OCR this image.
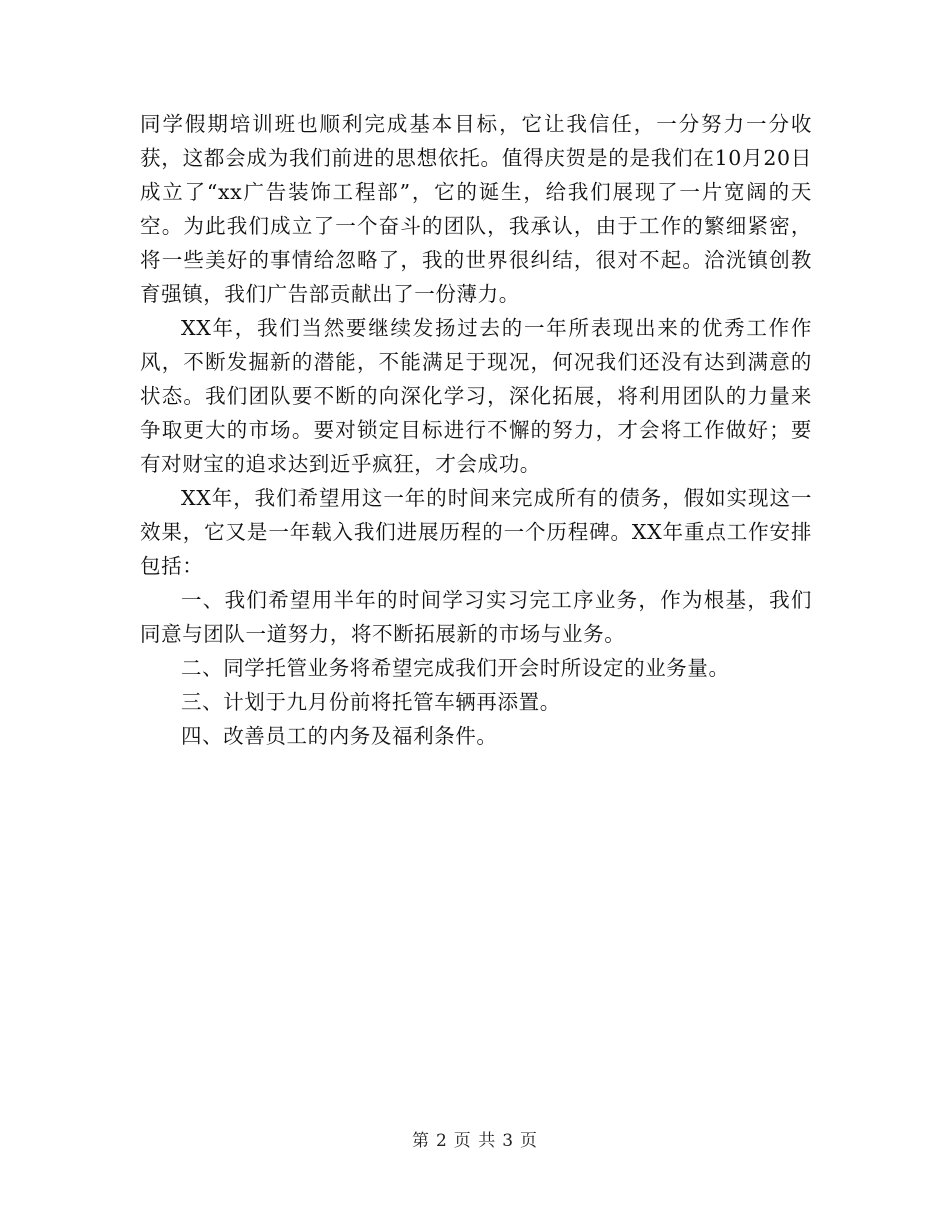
同学假期培训班也顺利完成基本目标，它让我信任，一分努力一分收获，这都会成为我们前进的思想依托。值得庆贺是的是我们在10月20日成立了“xx广告装饰工程部”，它的诞生，给我们展现了一片宽阔的天空。为此我们成立了一个奋斗的团队，我承认，由于工作的繁细紧密，将一些美好的事情给忽略了，我的世界很纠结，很对不起。洽洸镇创教育强镇，我们广告部贡献出了一份薄力。

XX年，我们当然要继续发扬过去的一年所表现出来的优秀工作作风，不断发掘新的潜能，不能满足于现况，何况我们还没有达到满意的状态。我们团队要不断的向深化学习，深化拓展，将利用团队的力量来争取更大的市场。要对锁定目标进行不懈的努力，才会将工作做好；要有对财宝的追求达到近乎疯狂，才会成功。

XX年，我们希望用这一年的时间来完成所有的债务，假如实现这一效果，它又是一年载入我们进展历程的一个历程碑。XX年重点工作安排包括：

一、我们希望用半年的时间学习实习完工序业务，作为根基，我们同意与团队一道努力，将不断拓展新的市场与业务。

二、同学托管业务将希望完成我们开会时所设定的业务量。

三、计划于九月份前将托管车辆再添置。

四、改善员工的内务及福利条件。

第 2 页 共 3 页
